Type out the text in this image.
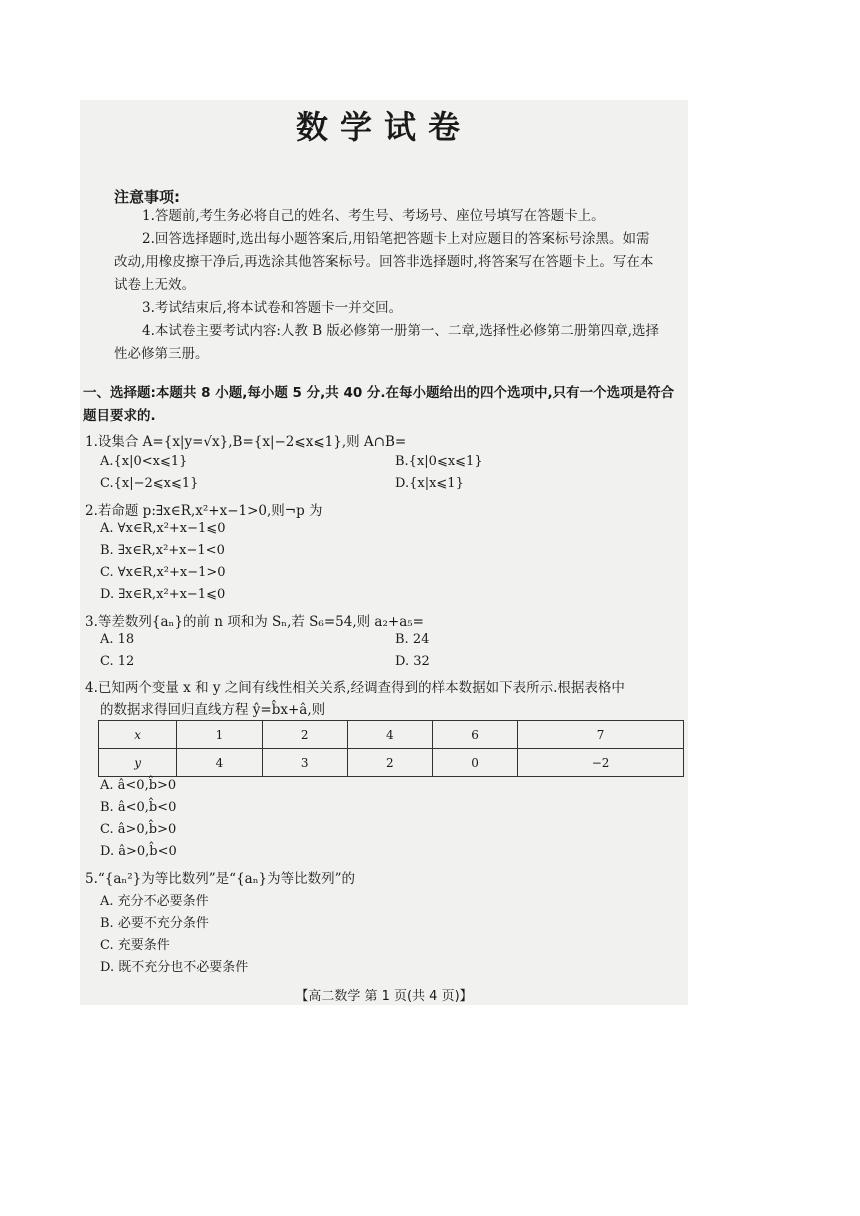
数学试卷
注意事项:

1.答题前,考生务必将自己的姓名、考生号、考场号、座位号填写在答题卡上。

2.回答选择题时,选出每小题答案后,用铅笔把答题卡上对应题目的答案标号涂黑。如需改动,用橡皮擦干净后,再选涂其他答案标号。回答非选择题时,将答案写在答题卡上。写在本试卷上无效。

3.考试结束后,将本试卷和答题卡一并交回。

4.本试卷主要考试内容:人教 B 版必修第一册第一、二章,选择性必修第二册第四章,选择性必修第三册。

一、选择题:本题共 8 小题,每小题 5 分,共 40 分.在每小题给出的四个选项中,只有一个选项是符合题目要求的.
1.设集合 A={x|y=√x},B={x|−2⩽x⩽1},则 A∩B=
A.{x|0<x⩽1}	B.{x|0⩽x⩽1}
C.{x|−2⩽x⩽1}	D.{x|x⩽1}
2.若命题 p:∃x∈R,x²+x−1>0,则¬p 为
A. ∀x∈R,x²+x−1⩽0
B. ∃x∈R,x²+x−1<0
C. ∀x∈R,x²+x−1>0
D. ∃x∈R,x²+x−1⩽0
3.等差数列{aₙ}的前 n 项和为 Sₙ,若 S₆=54,则 a₂+a₅=
A. 18	B. 24
C. 12	D. 32
4.已知两个变量 x 和 y 之间有线性相关关系,经调查得到的样本数据如下表所示.根据表格中
的数据求得回归直线方程 ŷ=b̂x+â,则
x	1	2	4	6	7
y	4	3	2	0	−2
A. â<0,b̂>0
B. â<0,b̂<0
C. â>0,b̂>0
D. â>0,b̂<0
5.“{aₙ²}为等比数列”是“{aₙ}为等比数列”的
A. 充分不必要条件
B. 必要不充分条件
C. 充要条件
D. 既不充分也不必要条件
【高二数学 第 1 页(共 4 页)】
